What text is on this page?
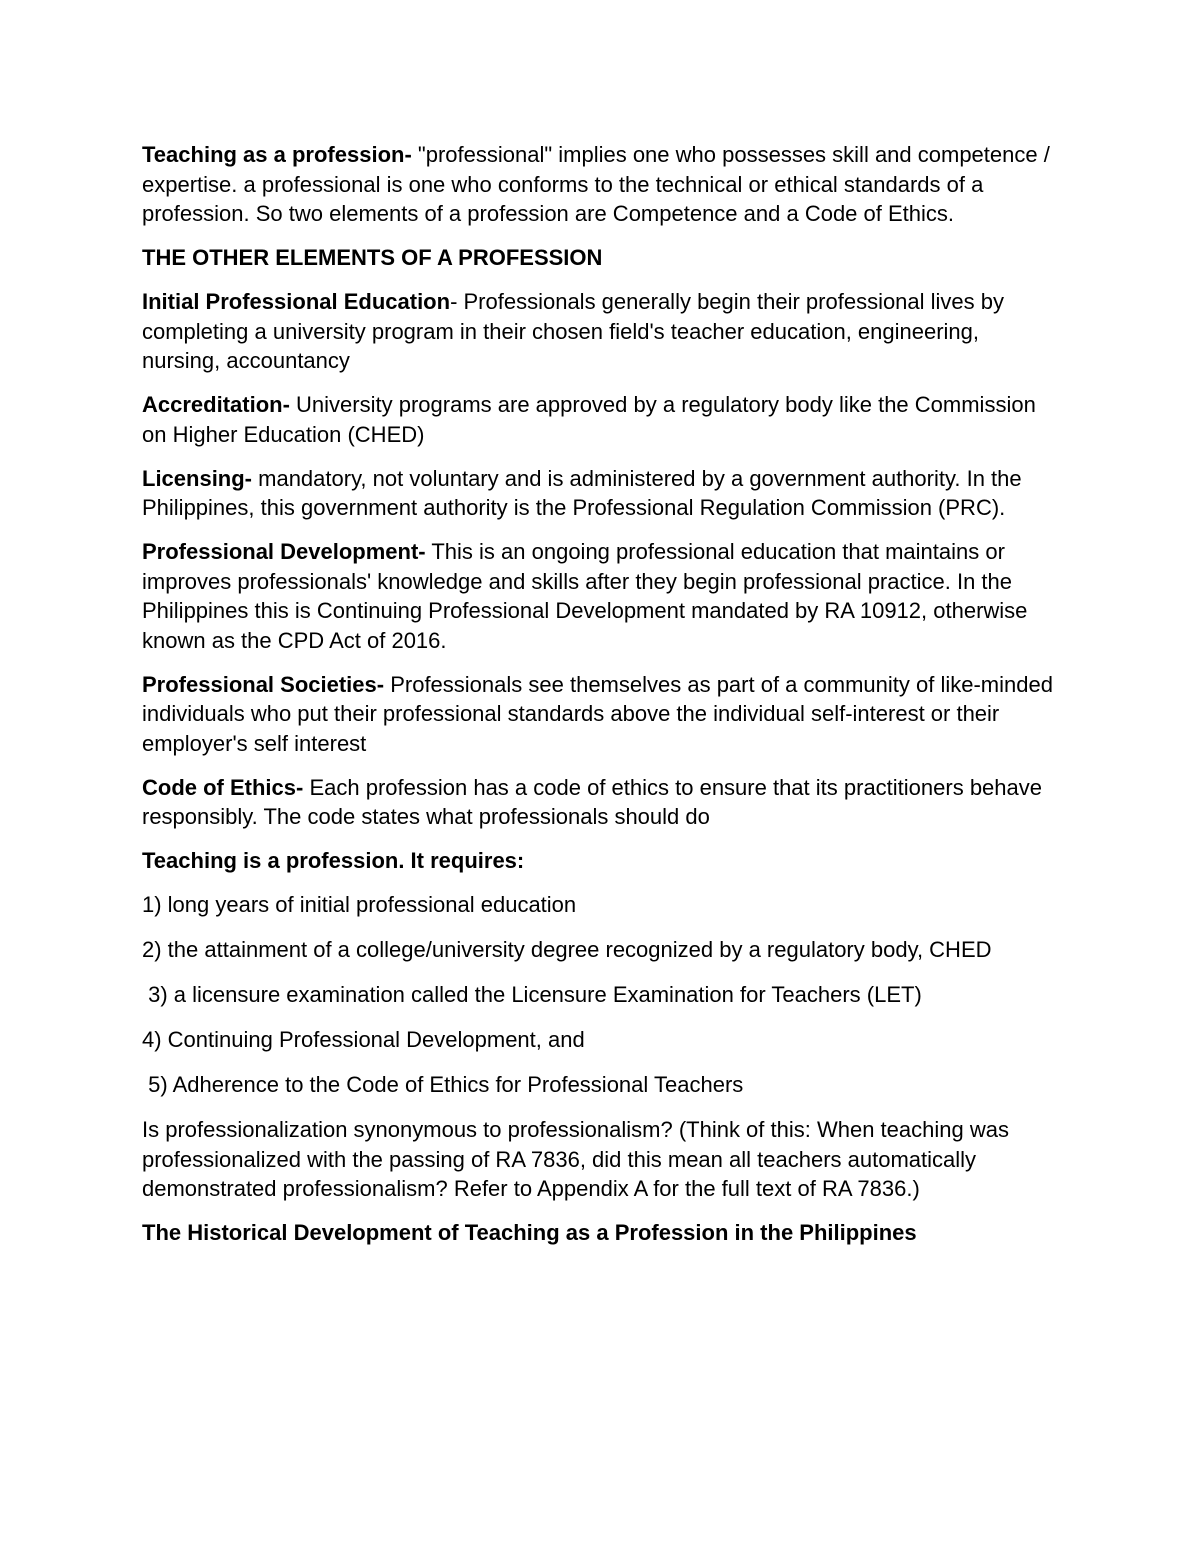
Teaching as a profession- "professional" implies one who possesses skill and competence / expertise. a professional is one who conforms to the technical or ethical standards of a profession. So two elements of a profession are Competence and a Code of Ethics.

THE OTHER ELEMENTS OF A PROFESSION

Initial Professional Education- Professionals generally begin their professional lives by completing a university program in their chosen field's teacher education, engineering, nursing, accountancy

Accreditation- University programs are approved by a regulatory body like the Commission on Higher Education (CHED)

Licensing- mandatory, not voluntary and is administered by a government authority. In the Philippines, this government authority is the Professional Regulation Commission (PRC).

Professional Development- This is an ongoing professional education that maintains or improves professionals' knowledge and skills after they begin professional practice. In the Philippines this is Continuing Professional Development mandated by RA 10912, otherwise known as the CPD Act of 2016.

Professional Societies- Professionals see themselves as part of a community of like-minded individuals who put their professional standards above the individual self-interest or their employer's self interest

Code of Ethics- Each profession has a code of ethics to ensure that its practitioners behave responsibly. The code states what professionals should do

Teaching is a profession. It requires:

1) long years of initial professional education

2) the attainment of a college/university degree recognized by a regulatory body, CHED

3) a licensure examination called the Licensure Examination for Teachers (LET)

4) Continuing Professional Development, and

5) Adherence to the Code of Ethics for Professional Teachers

Is professionalization synonymous to professionalism? (Think of this: When teaching was professionalized with the passing of RA 7836, did this mean all teachers automatically demonstrated professionalism? Refer to Appendix A for the full text of RA 7836.)

The Historical Development of Teaching as a Profession in the Philippines
